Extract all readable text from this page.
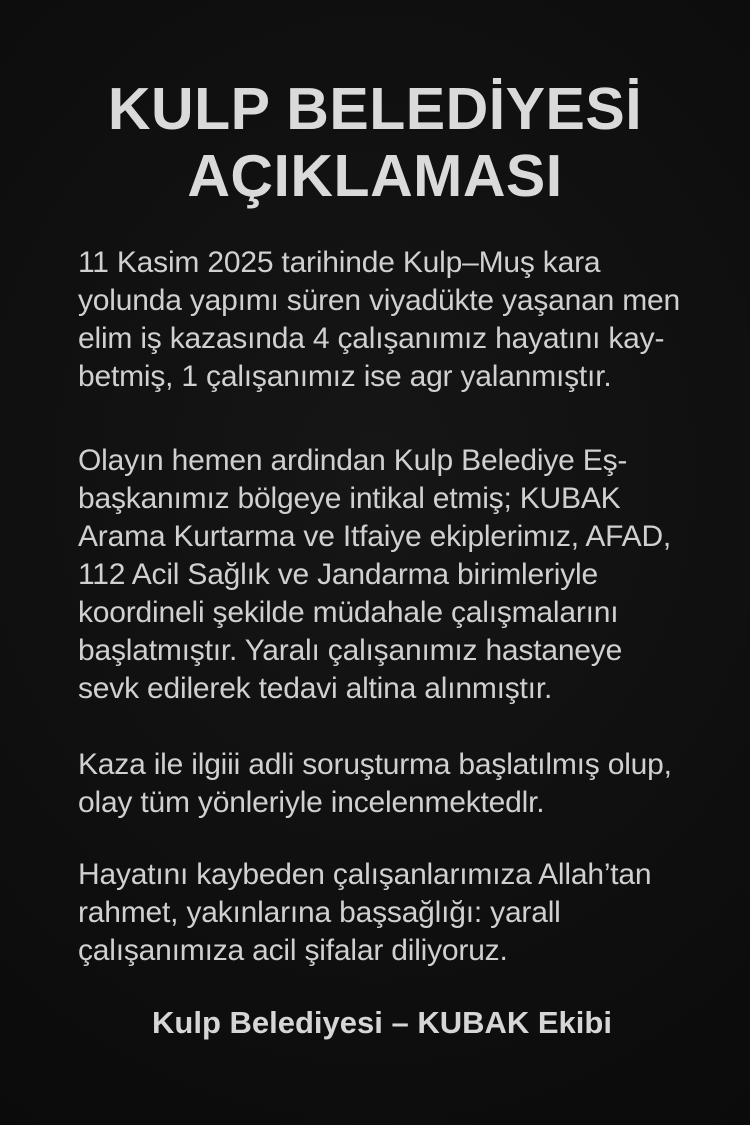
KULP BELEDİYESİ
AÇIKLAMASI
11 Kasim 2025 tarihinde Kulp–Muş kara
yolunda yapımı süren viyadükte yaşanan men
elim iş kazasında 4 çalışanımız hayatını kay-
betmiş, 1 çalışanımız ise agr yalanmıştır.
Olayın hemen ardindan Kulp Belediye Eş-
başkanımız bölgeye intikal etmiş; KUBAK
Arama Kurtarma ve Itfaiye ekiplerimız, AFAD,
112 Acil Sağlık ve Jandarma birimleriyle
koordineli şekilde müdahale çalışmalarını
başlatmıştır. Yaralı çalışanımız hastaneye
sevk edilerek tedavi altina alınmıştır.
Kaza ile ilgiii adli soruşturma başlatılmış olup,
olay tüm yönleriyle incelenmektedlr.
Hayatını kaybeden çalışanlarımıza Allah’tan
rahmet, yakınlarına başsağlığı: yarall
çalışanımıza acil şifalar diliyoruz.
Kulp Belediyesi – KUBAK Ekibi
